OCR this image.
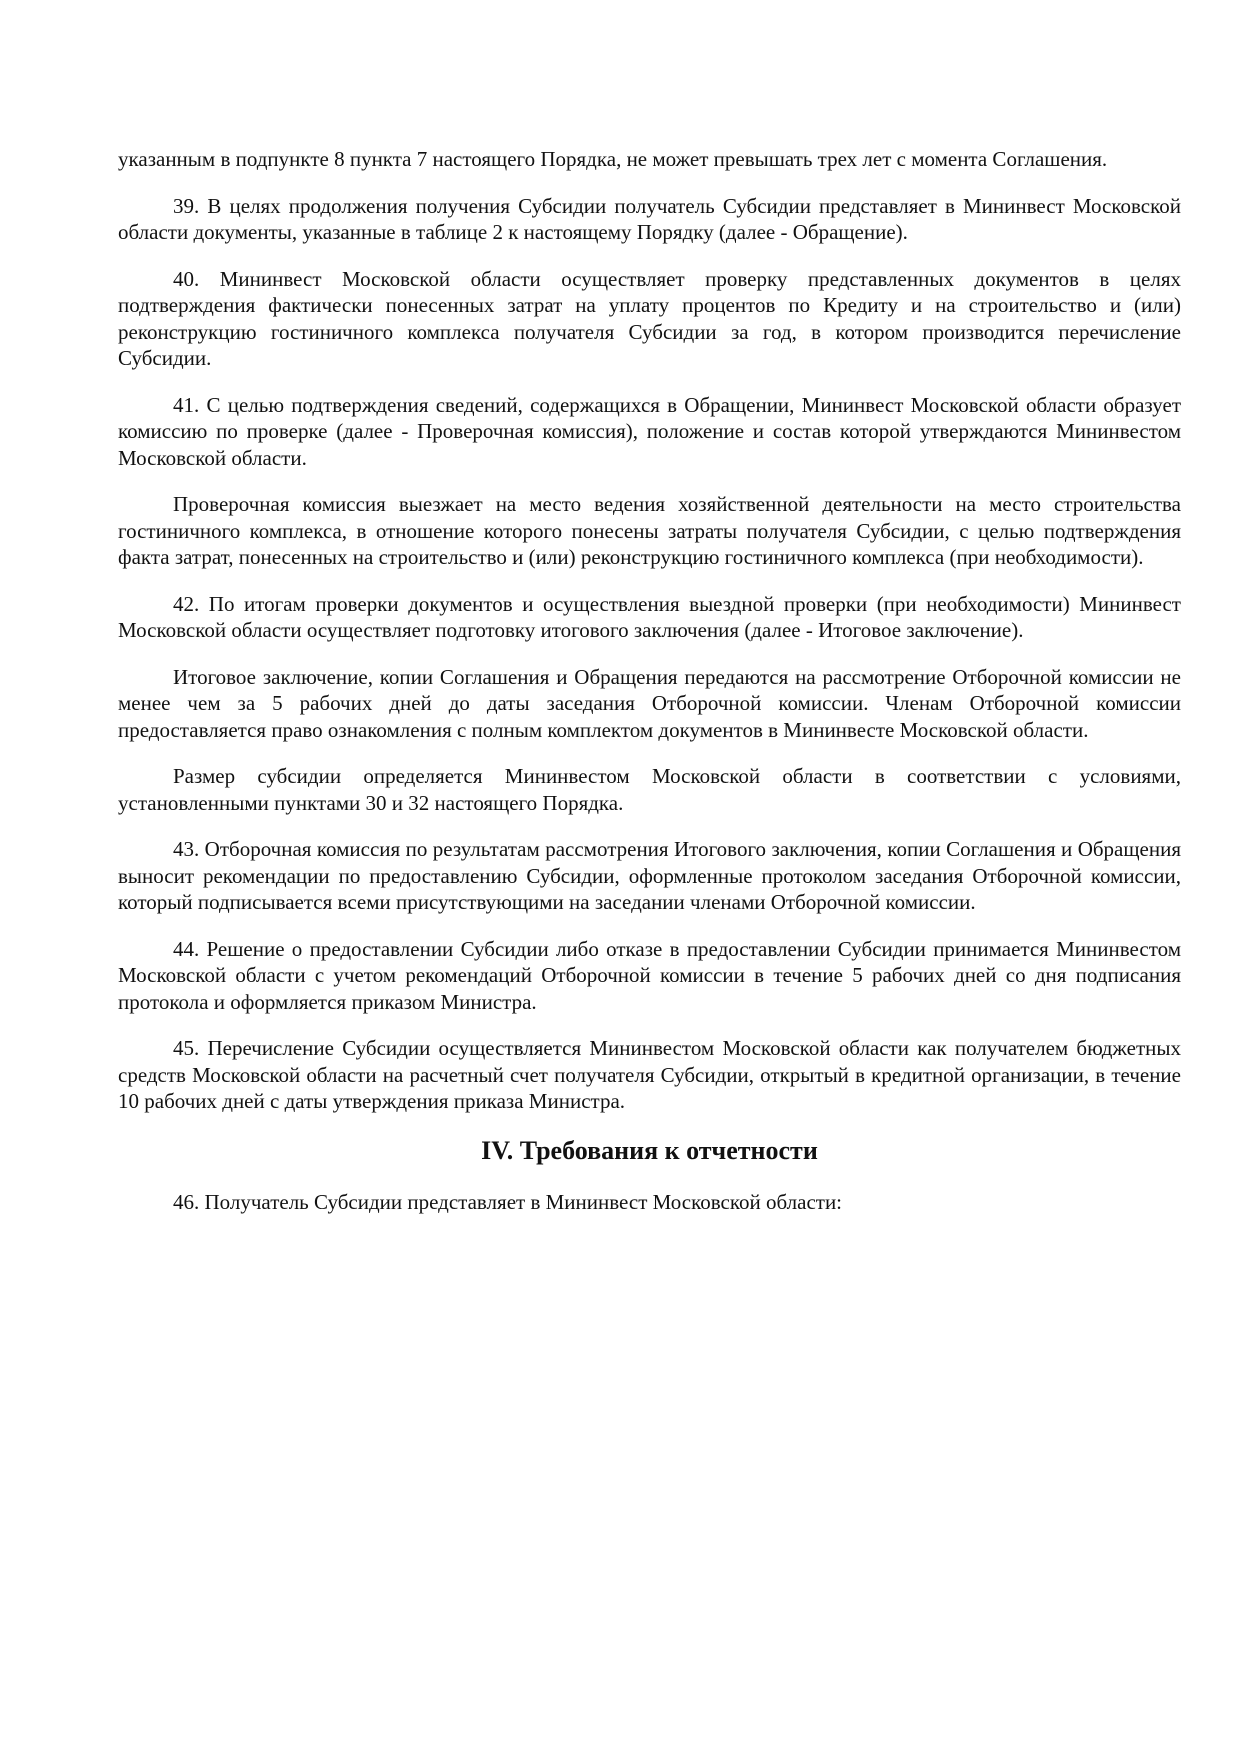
указанным в подпункте 8 пункта 7 настоящего Порядка, не может превышать трех лет с момента Соглашения.

39. В целях продолжения получения Субсидии получатель Субсидии представляет в Мининвест Московской области документы, указанные в таблице 2 к настоящему Порядку (далее - Обращение).

40. Мининвест Московской области осуществляет проверку представленных документов в целях подтверждения фактически понесенных затрат на уплату процентов по Кредиту и на строительство и (или) реконструкцию гостиничного комплекса получателя Субсидии за год, в котором производится перечисление Субсидии.

41. С целью подтверждения сведений, содержащихся в Обращении, Мининвест Московской области образует комиссию по проверке (далее - Проверочная комиссия), положение и состав которой утверждаются Мининвестом Московской области.

Проверочная комиссия выезжает на место ведения хозяйственной деятельности на место строительства гостиничного комплекса, в отношение которого понесены затраты получателя Субсидии, с целью подтверждения факта затрат, понесенных на строительство и (или) реконструкцию гостиничного комплекса (при необходимости).

42. По итогам проверки документов и осуществления выездной проверки (при необходимости) Мининвест Московской области осуществляет подготовку итогового заключения (далее - Итоговое заключение).

Итоговое заключение, копии Соглашения и Обращения передаются на рассмотрение Отборочной комиссии не менее чем за 5 рабочих дней до даты заседания Отборочной комиссии. Членам Отборочной комиссии предоставляется право ознакомления с полным комплектом документов в Мининвесте Московской области.

Размер субсидии определяется Мининвестом Московской области в соответствии с условиями, установленными пунктами 30 и 32 настоящего Порядка.

43. Отборочная комиссия по результатам рассмотрения Итогового заключения, копии Соглашения и Обращения выносит рекомендации по предоставлению Субсидии, оформленные протоколом заседания Отборочной комиссии, который подписывается всеми присутствующими на заседании членами Отборочной комиссии.

44. Решение о предоставлении Субсидии либо отказе в предоставлении Субсидии принимается Мининвестом Московской области с учетом рекомендаций Отборочной комиссии в течение 5 рабочих дней со дня подписания протокола и оформляется приказом Министра.

45. Перечисление Субсидии осуществляется Мининвестом Московской области как получателем бюджетных средств Московской области на расчетный счет получателя Субсидии, открытый в кредитной организации, в течение 10 рабочих дней с даты утверждения приказа Министра.

IV. Требования к отчетности

46. Получатель Субсидии представляет в Мининвест Московской области:
